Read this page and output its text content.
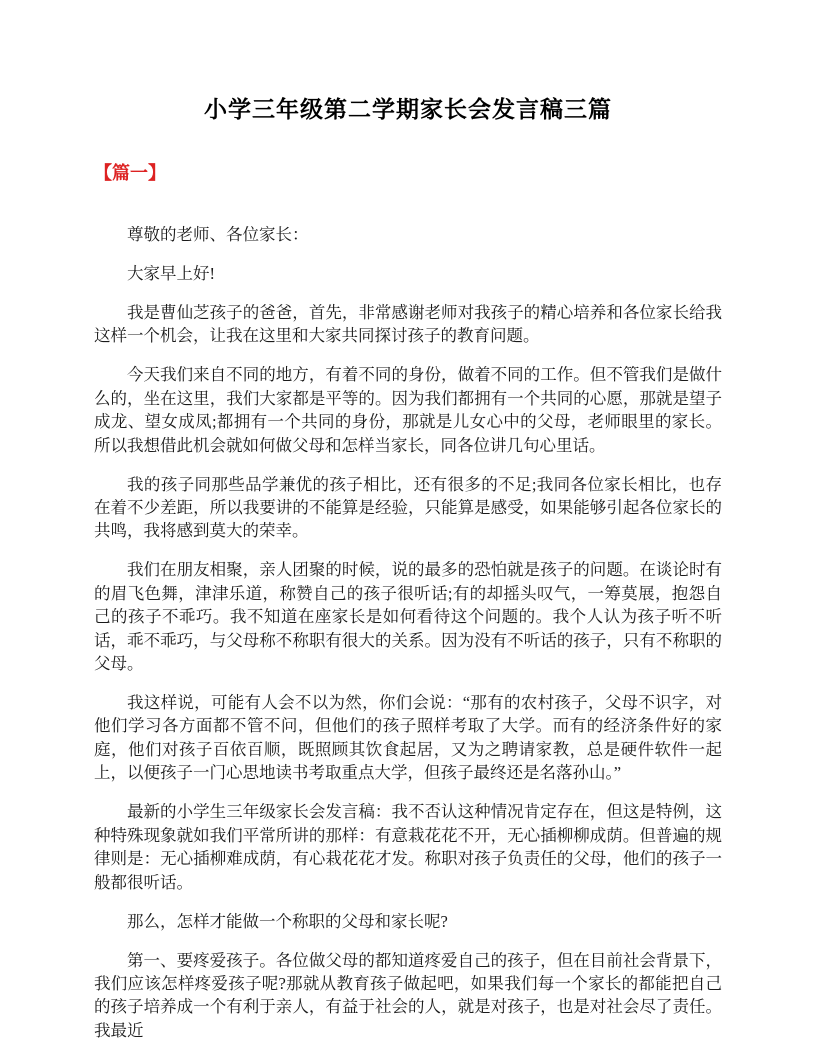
小学三年级第二学期家长会发言稿三篇
【篇一】

尊敬的老师、各位家长：

大家早上好!

我是曹仙芝孩子的爸爸，首先，非常感谢老师对我孩子的精心培养和各位家长给我这样一个机会，让我在这里和大家共同探讨孩子的教育问题。

今天我们来自不同的地方，有着不同的身份，做着不同的工作。但不管我们是做什么的，坐在这里，我们大家都是平等的。因为我们都拥有一个共同的心愿，那就是望子成龙、望女成凤;都拥有一个共同的身份，那就是儿女心中的父母，老师眼里的家长。所以我想借此机会就如何做父母和怎样当家长，同各位讲几句心里话。

我的孩子同那些品学兼优的孩子相比，还有很多的不足;我同各位家长相比，也存在着不少差距，所以我要讲的不能算是经验，只能算是感受，如果能够引起各位家长的共鸣，我将感到莫大的荣幸。

我们在朋友相聚，亲人团聚的时候，说的最多的恐怕就是孩子的问题。在谈论时有的眉飞色舞，津津乐道，称赞自己的孩子很听话;有的却摇头叹气，一筹莫展，抱怨自己的孩子不乖巧。我不知道在座家长是如何看待这个问题的。我个人认为孩子听不听话，乖不乖巧，与父母称不称职有很大的关系。因为没有不听话的孩子，只有不称职的父母。

我这样说，可能有人会不以为然，你们会说：“那有的农村孩子，父母不识字，对他们学习各方面都不管不问，但他们的孩子照样考取了大学。而有的经济条件好的家庭，他们对孩子百依百顺，既照顾其饮食起居，又为之聘请家教，总是硬件软件一起上，以便孩子一门心思地读书考取重点大学，但孩子最终还是名落孙山。”

最新的小学生三年级家长会发言稿：我不否认这种情况肯定存在，但这是特例，这种特殊现象就如我们平常所讲的那样：有意栽花花不开，无心插柳柳成荫。但普遍的规律则是：无心插柳难成荫，有心栽花花才发。称职对孩子负责任的父母，他们的孩子一般都很听话。

那么，怎样才能做一个称职的父母和家长呢?

第一、要疼爱孩子。各位做父母的都知道疼爱自己的孩子，但在目前社会背景下，我们应该怎样疼爱孩子呢?那就从教育孩子做起吧，如果我们每一个家长的都能把自己的孩子培养成一个有利于亲人，有益于社会的人，就是对孩子，也是对社会尽了责任。我最近
